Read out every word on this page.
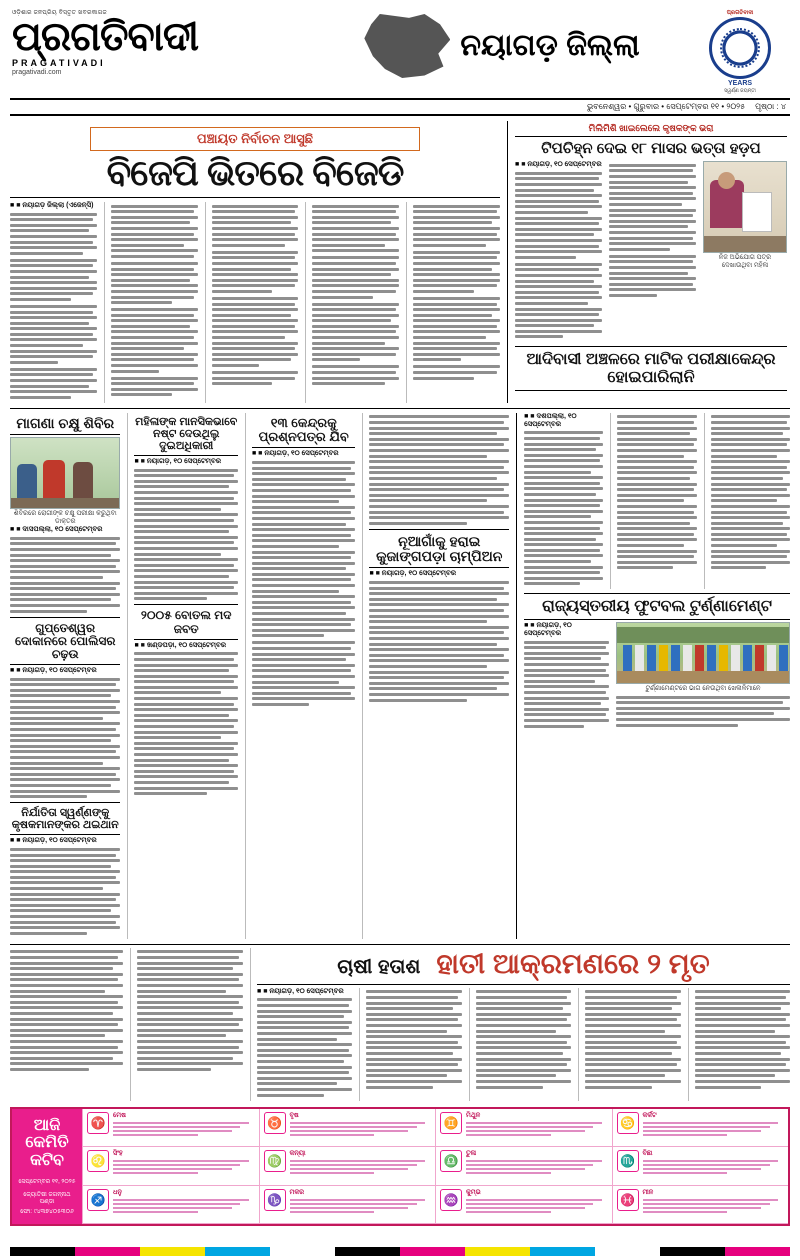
ଓଡ଼ିଶାର ଜନପ୍ରିୟ ବିସ୍ତୃତ ଖବରକାଗଜ
ପ୍ରଗତିବାଦୀ
PRAGATIVADI
pragativadi.com
ନୟାଗଡ଼ ଜିଲ୍ଲା
ପ୍ରଗତିବାଦୀ
YEARS
ସ୍ୱର୍ଣ୍ଣ ଜୟନ୍ତୀ
ଭୁବନେଶ୍ୱର • ଗୁରୁବାର • ସେପ୍ଟେମ୍ବର ୧୧ • ୨୦୨୫ ପୃଷ୍ଠା : ୪
ପଞ୍ଚାୟତ ନିର୍ବାଚନ ଆସୁଛି
ବିଜେପି ଭିତରେ ବିଜେଡି
■ ■ ନୟାଗଡ଼ ଜିଲ୍ଲା (ଏଜେନ୍ସି)
ମିଲିମିଶି ଖାଇଲେଲେ କୃଷକଙ୍କ ଭରା
ଟିପଚିହ୍ନ ଦେଇ ୧୮ ମାସର ଭତ୍ତା ହଡ଼ପ
■ ■ ନୟାଗଡ଼, ୧୦ ସେପ୍ଟେମ୍ବର
ନିଜ ଅଭିଯୋଗ ପତ୍ର ଦେଖାଉଥିବା ମହିଳା
ଆଦିବାସୀ ଅଞ୍ଚଳରେ ମାଟିକ ପରୀକ୍ଷାକେନ୍ଦ୍ର ହୋଇପାରିଲାନି
ମାଗଣା ଚକ୍ଷୁ ଶିବିର
ଶିବିରରେ ରୋଗୀଙ୍କ ଚକ୍ଷୁ ପରୀକ୍ଷା କରୁଥିବା ଡାକ୍ତର
■ ■ ଦାସପଲ୍ଲା, ୧୦ ସେପ୍ଟେମ୍ବର
ଗୁପ୍ତେଶ୍ୱର ଦୋକାନରେ ପୋଲିସର ଚଢ଼ଉ
■ ■ ନୟାଗଡ଼, ୧୦ ସେପ୍ଟେମ୍ବର
ନିର୍ଯାତିତା ସ୍ୱର୍ଣ୍ଣଙ୍କୁ କୃଷକମାନଙ୍କର ଥଇଥାନ
■ ■ ନୟାଗଡ଼, ୧୦ ସେପ୍ଟେମ୍ବର
ମହିଳାଙ୍କ ମାନସିକଭାବେ ନଷ୍ଟ ଦେଉଥିଲୁ ଦୁଇଅଧିକାରୀ
■ ■ ନୟାଗଡ଼, ୧୦ ସେପ୍ଟେମ୍ବର
୨୦୦୫ ବୋତଲ ମଦ ଜବତ
■ ■ ଖଣ୍ଡପଡ଼ା, ୧୦ ସେପ୍ଟେମ୍ବର
୧୩ କେନ୍ଦ୍ରକୁ ପ୍ରଶ୍ନପତ୍ର ଯିବ
■ ■ ନୟାଗଡ଼, ୧୦ ସେପ୍ଟେମ୍ବର
ନୂଆଗାଁକୁ ହରାଇ କୁଜାଙ୍ଗପଡ଼ା ଚାମ୍ପିଅନ
■ ■ ନୟାଗଡ଼, ୧୦ ସେପ୍ଟେମ୍ବର
■ ■ ଦଶପଲ୍ଲା, ୧୦ ସେପ୍ଟେମ୍ବର
ରାଜ୍ୟସ୍ତରୀୟ ଫୁଟବଲ ଟୁର୍ଣ୍ଣାମେଣ୍ଟ
■ ■ ନୟାଗଡ଼, ୧୦ ସେପ୍ଟେମ୍ବର
ଟୁର୍ଣ୍ଣାମେଣ୍ଟରେ ଭାଗ ନେଉଥିବା ଖେଳାଳିମାନେ
ଚାଷୀ ହତାଶ ହାତୀ ଆକ୍ରମଣରେ ୨ ମୃତ
■ ■ ନୟାଗଡ଼, ୧୦ ସେପ୍ଟେମ୍ବର
ଆଜି କେମିତି କଟିବ
ସେପ୍ଟେମ୍ବର ୧୧, ୨୦୨୫
ଜ୍ୟୋତିଷୀ ଜଗନ୍ନାଥ ପଣ୍ଡା
ଫୋ: ୯୪୩୭୪୦୫୩୦୬
♈
ମେଷ
♉
ବୃଷ
♊
ମିଥୁନ
♋
କର୍କଟ
♌
ସିଂହ
♍
କନ୍ୟା
♎
ତୁଳା
♏
ବିଛା
♐
ଧନୁ
♑
ମକର
♒
କୁମ୍ଭ
♓
ମୀନ
